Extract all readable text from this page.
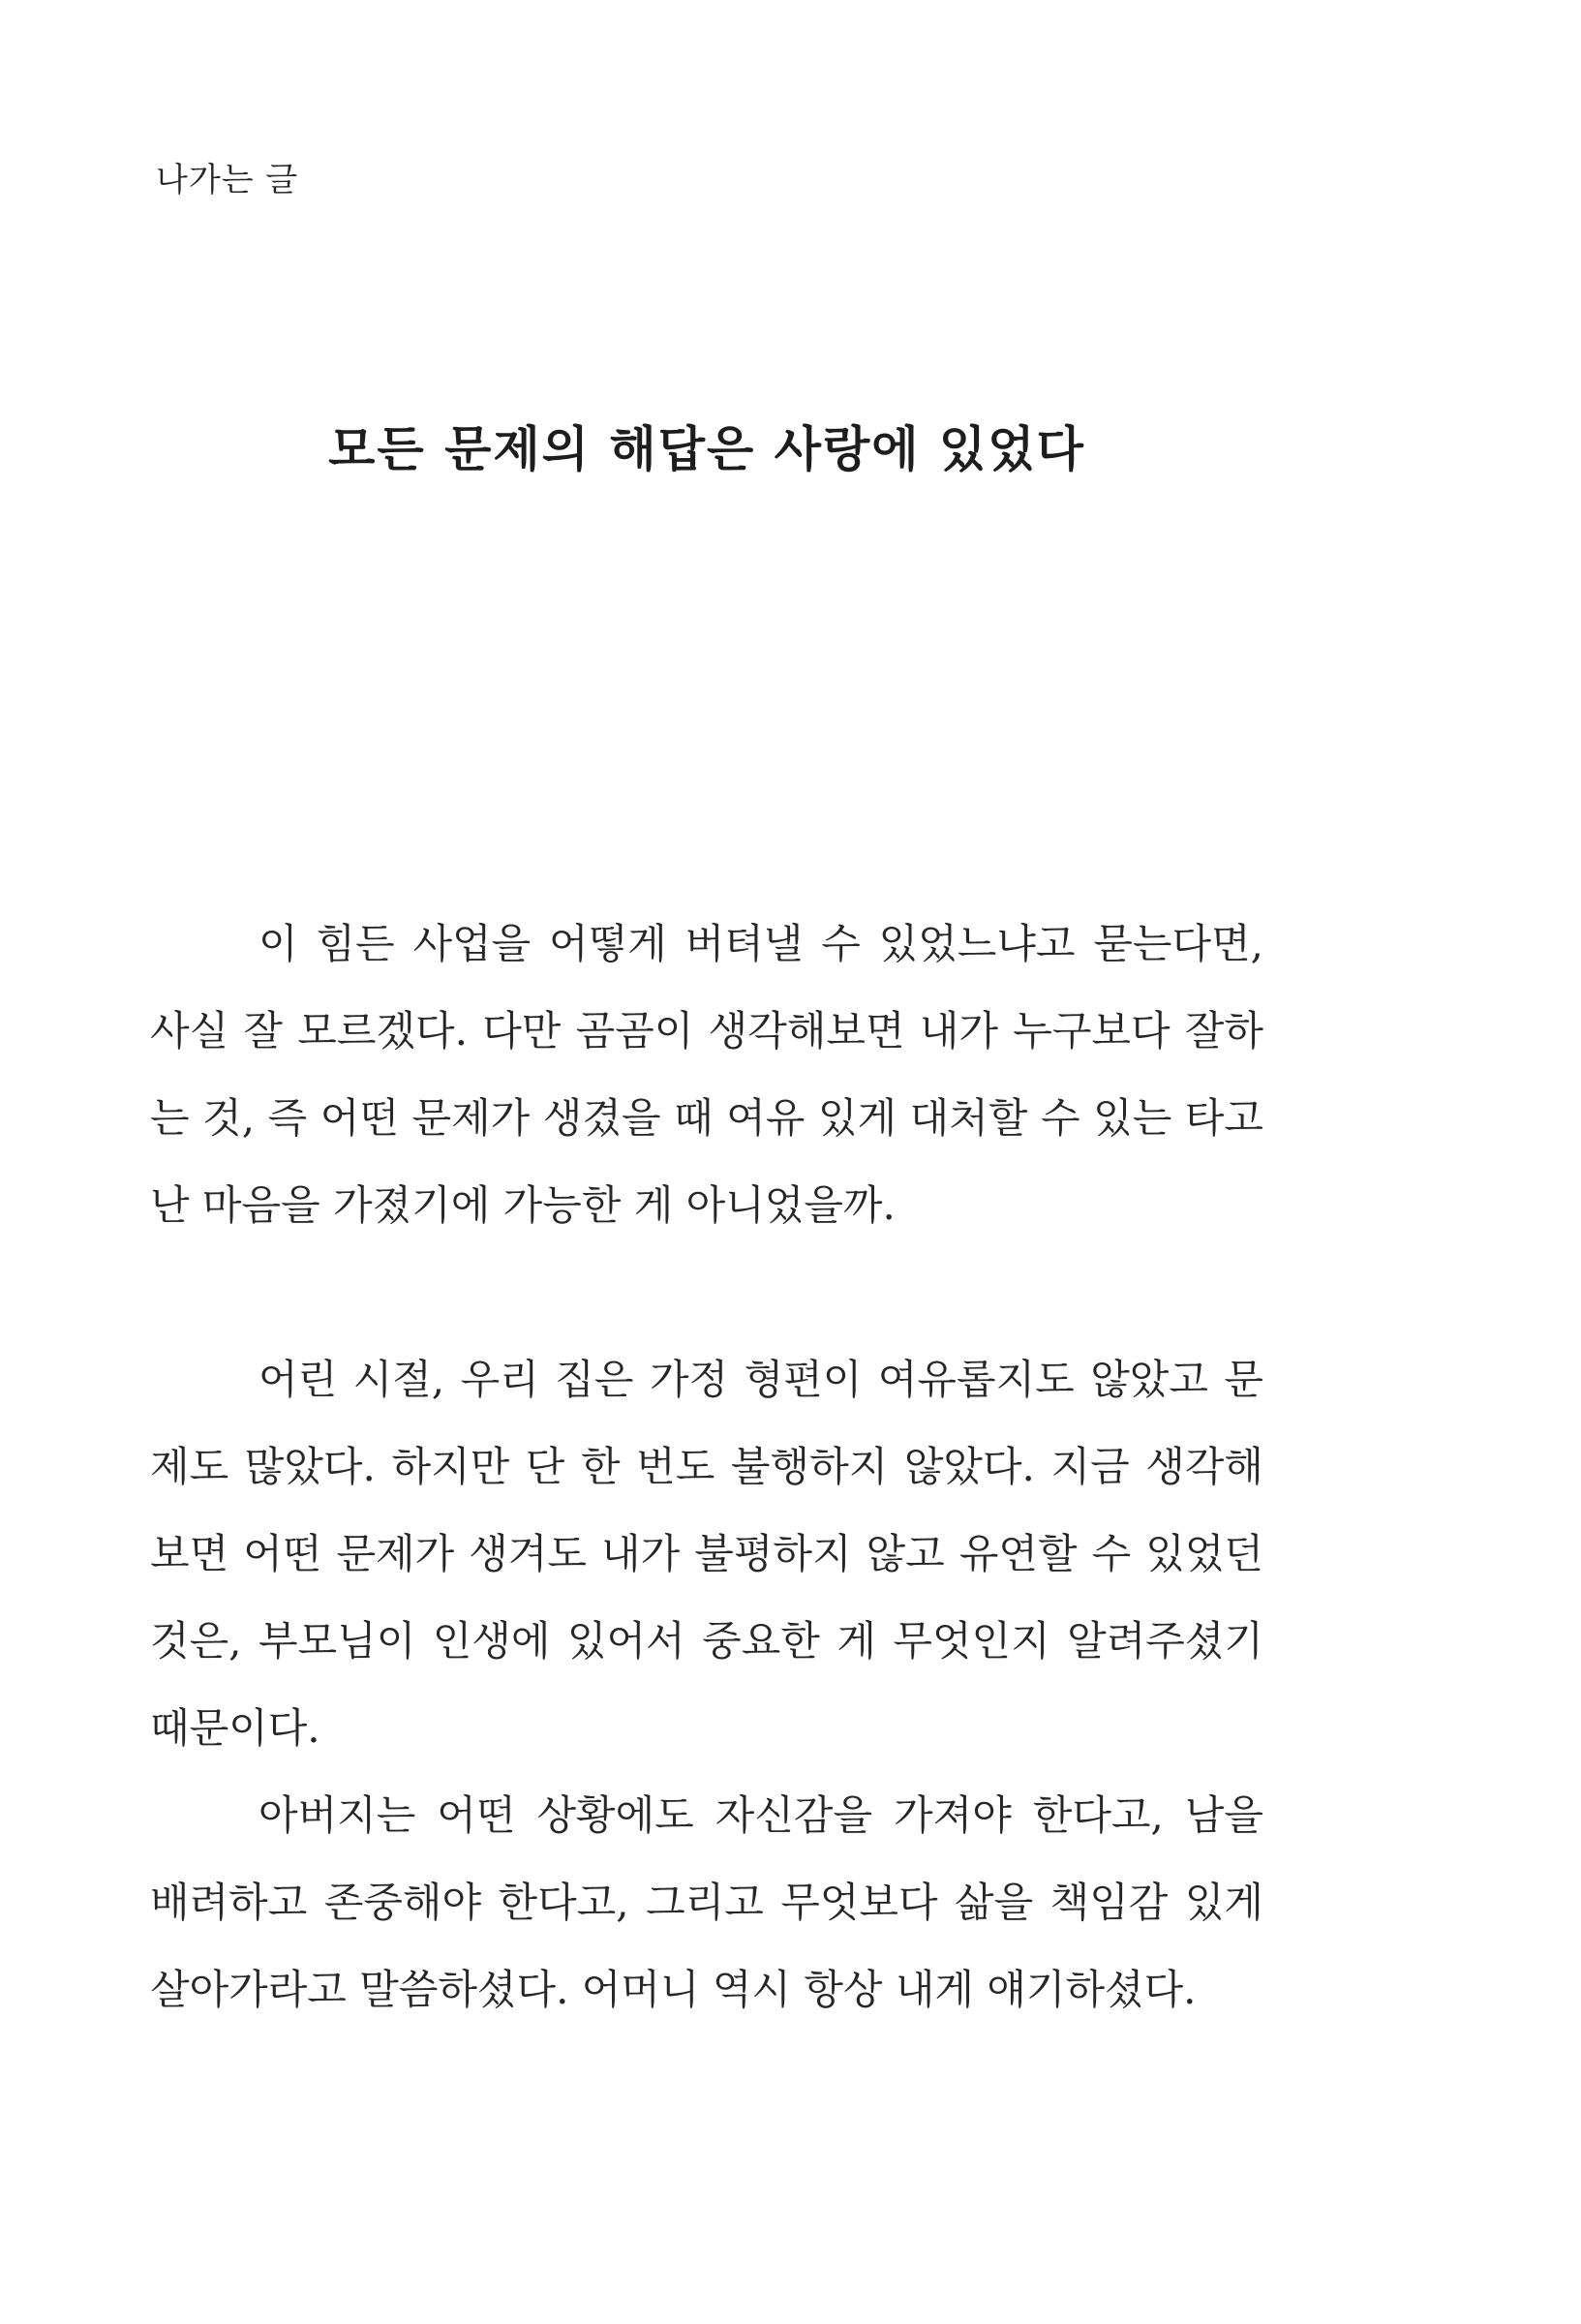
나가는 글
모든 문제의 해답은 사랑에 있었다

이 힘든 사업을 어떻게 버텨낼 수 있었느냐고 묻는다면, 사실 잘 모르겠다. 다만 곰곰이 생각해보면 내가 누구보다 잘하는 것, 즉 어떤 문제가 생겼을 때 여유 있게 대처할 수 있는 타고난 마음을 가졌기에 가능한 게 아니었을까.

어린 시절, 우리 집은 가정 형편이 여유롭지도 않았고 문제도 많았다. 하지만 단 한 번도 불행하지 않았다. 지금 생각해보면 어떤 문제가 생겨도 내가 불평하지 않고 유연할 수 있었던 것은, 부모님이 인생에 있어서 중요한 게 무엇인지 알려주셨기 때문이다.

아버지는 어떤 상황에도 자신감을 가져야 한다고, 남을 배려하고 존중해야 한다고, 그리고 무엇보다 삶을 책임감 있게 살아가라고 말씀하셨다. 어머니 역시 항상 내게 얘기하셨다.
